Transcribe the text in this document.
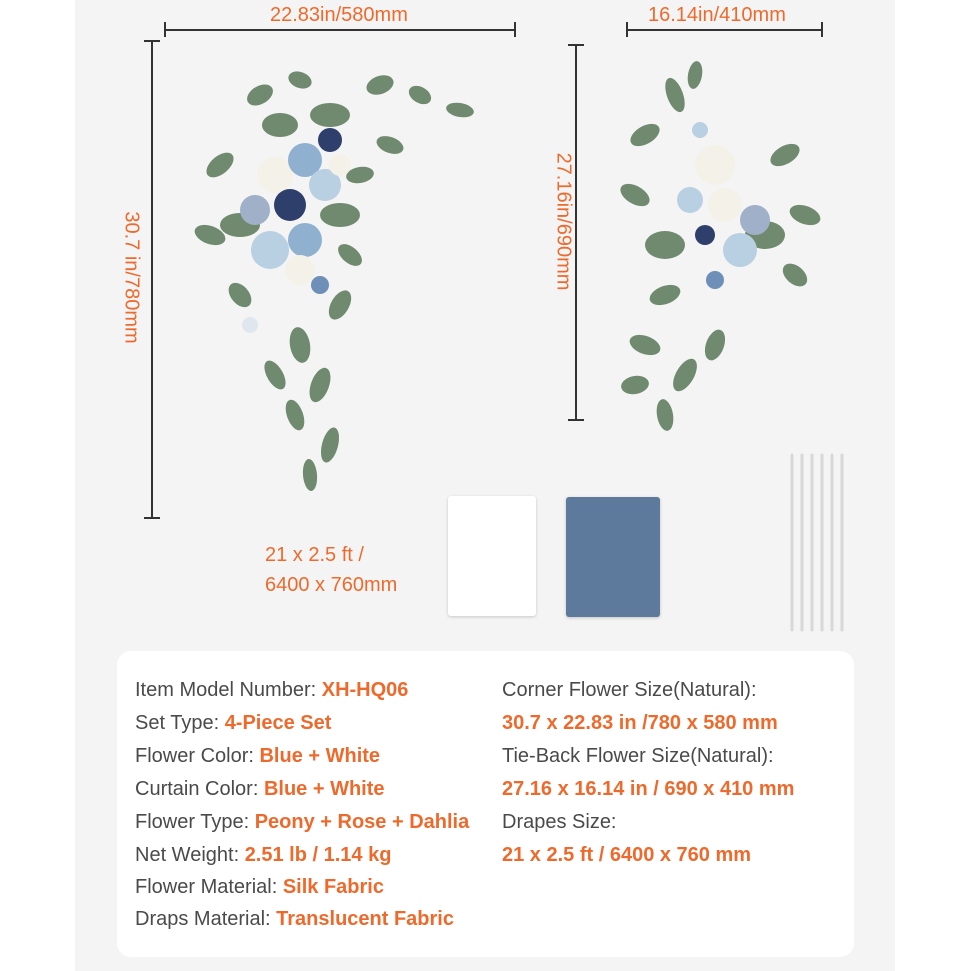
22.83in/580mm
30.7 in/780mm
16.14in/410mm
27.16in/690mm
21 x 2.5 ft /
6400 x 760mm
Item Model Number: XH-HQ06
Set Type: 4-Piece Set
Flower Color: Blue + White
Curtain Color: Blue + White
Flower Type: Peony + Rose + Dahlia
Net Weight: 2.51 lb / 1.14 kg
Flower Material: Silk Fabric
Draps Material: Translucent Fabric
Corner Flower Size(Natural):
30.7 x 22.83 in /780 x 580 mm
Tie-Back Flower Size(Natural):
27.16 x 16.14 in / 690 x 410 mm
Drapes Size:
21 x 2.5 ft / 6400 x 760 mm
